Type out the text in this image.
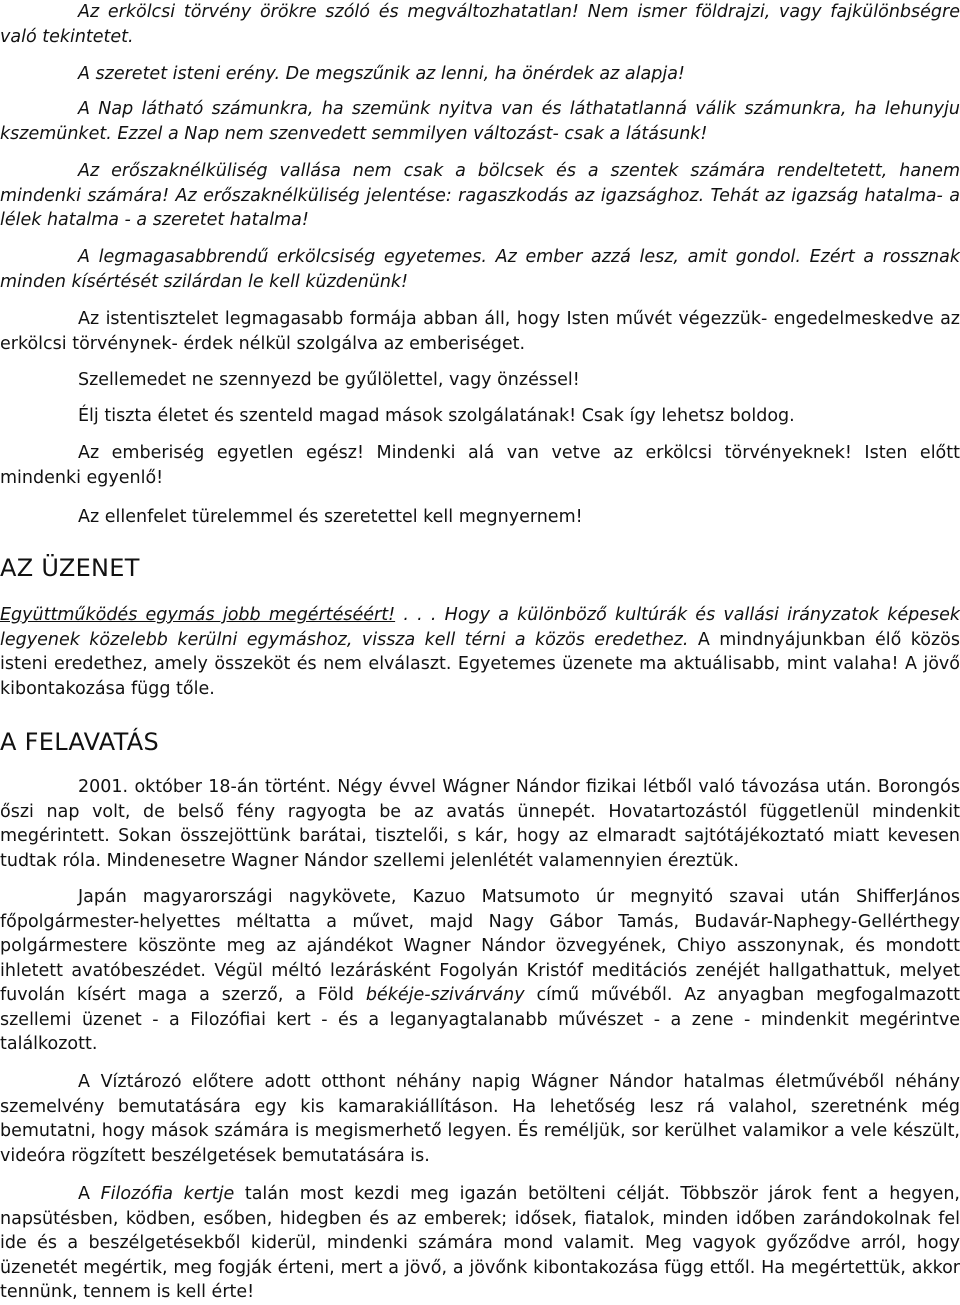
Az erkölcsi törvény örökre szóló és megváltozhatatlan! Nem ismer földrajzi, vagy fajkülönbségre való tekintetet.

A szeretet isteni erény. De megszűnik az lenni, ha önérdek az alapja!

A Nap látható számunkra, ha szemünk nyitva van és láthatatlanná válik számunkra, ha lehunyju kszemünket. Ezzel a Nap nem szenvedett semmilyen változást- csak a látásunk!

Az erőszaknélküliség vallása nem csak a bölcsek és a szentek számára rendeltetett, hanem mindenki számára! Az erőszaknélküliség jelentése: ragaszkodás az igazsághoz. Tehát az igazság hatalma- a lélek hatalma - a szeretet hatalma!

A legmagasabbrendű erkölcsiség egyetemes. Az ember azzá lesz, amit gondol. Ezért a rossznak minden kísértését szilárdan le kell küzdenünk!

Az istentisztelet legmagasabb formája abban áll, hogy Isten művét végezzük- engedelmeskedve az erkölcsi törvénynek- érdek nélkül szolgálva az emberiséget.

Szellemedet ne szennyezd be gyűlölettel, vagy önzéssel!

Élj tiszta életet és szenteld magad mások szolgálatának! Csak így lehetsz boldog.

Az emberiség egyetlen egész! Mindenki alá van vetve az erkölcsi törvényeknek! Isten előtt mindenki egyenlő!

Az ellenfelet türelemmel és szeretettel kell megnyernem!

AZ ÜZENET

Együttműködés egymás jobb megértéséért! . . . Hogy a különböző kultúrák és vallási irányzatok képesek legyenek közelebb kerülni egymáshoz, vissza kell térni a közös eredethez. A mindnyájunkban élő közös isteni eredethez, amely összeköt és nem elválaszt. Egyetemes üzenete ma aktuálisabb, mint valaha! A jövő kibontakozása függ tőle.

A FELAVATÁS

2001. október 18-án történt. Négy évvel Wágner Nándor fizikai létből való távozása után. Borongós őszi nap volt, de belső fény ragyogta be az avatás ünnepét. Hovatartozástól függetlenül mindenkit megérintett. Sokan összejöttünk barátai, tisztelői, s kár, hogy az elmaradt sajtótájékoztató miatt kevesen tudtak róla. Mindenesetre Wagner Nándor szellemi jelenlétét valamennyien éreztük.

Japán magyarországi nagykövete, Kazuo Matsumoto úr megnyitó szavai után ShifferJános főpolgármester-helyettes méltatta a művet, majd Nagy Gábor Tamás, Budavár-Naphegy-Gellérthegy polgármestere köszönte meg az ajándékot Wagner Nándor özvegyének, Chiyo asszonynak, és mondott ihletett avatóbeszédet. Végül méltó lezárásként Fogolyán Kristóf meditációs zenéjét hallgathattuk, melyet fuvolán kísért maga a szerző, a Föld békéje-szivárvány című művéből. Az anyagban megfogalmazott szellemi üzenet - a Filozófiai kert - és a leganyagtalanabb művészet - a zene - mindenkit megérintve találkozott.

A Víztározó előtere adott otthont néhány napig Wágner Nándor hatalmas életművéből néhány szemelvény bemutatására egy kis kamarakiállításon. Ha lehetőség lesz rá valahol, szeretnénk még bemutatni, hogy mások számára is megismerhető legyen. És reméljük, sor kerülhet valamikor a vele készült, videóra rögzített beszélgetések bemutatására is.

A Filozófia kertje talán most kezdi meg igazán betölteni célját. Többször járok fent a hegyen, napsütésben, ködben, esőben, hidegben és az emberek; idősek, fiatalok, minden időben zarándokolnak fel ide és a beszélgetésekből kiderül, mindenki számára mond valamit. Meg vagyok győződve arról, hogy üzenetét megértik, meg fogják érteni, mert a jövő, a jövőnk kibontakozása függ ettől. Ha megértettük, akkor tennünk, tennem is kell érte!
